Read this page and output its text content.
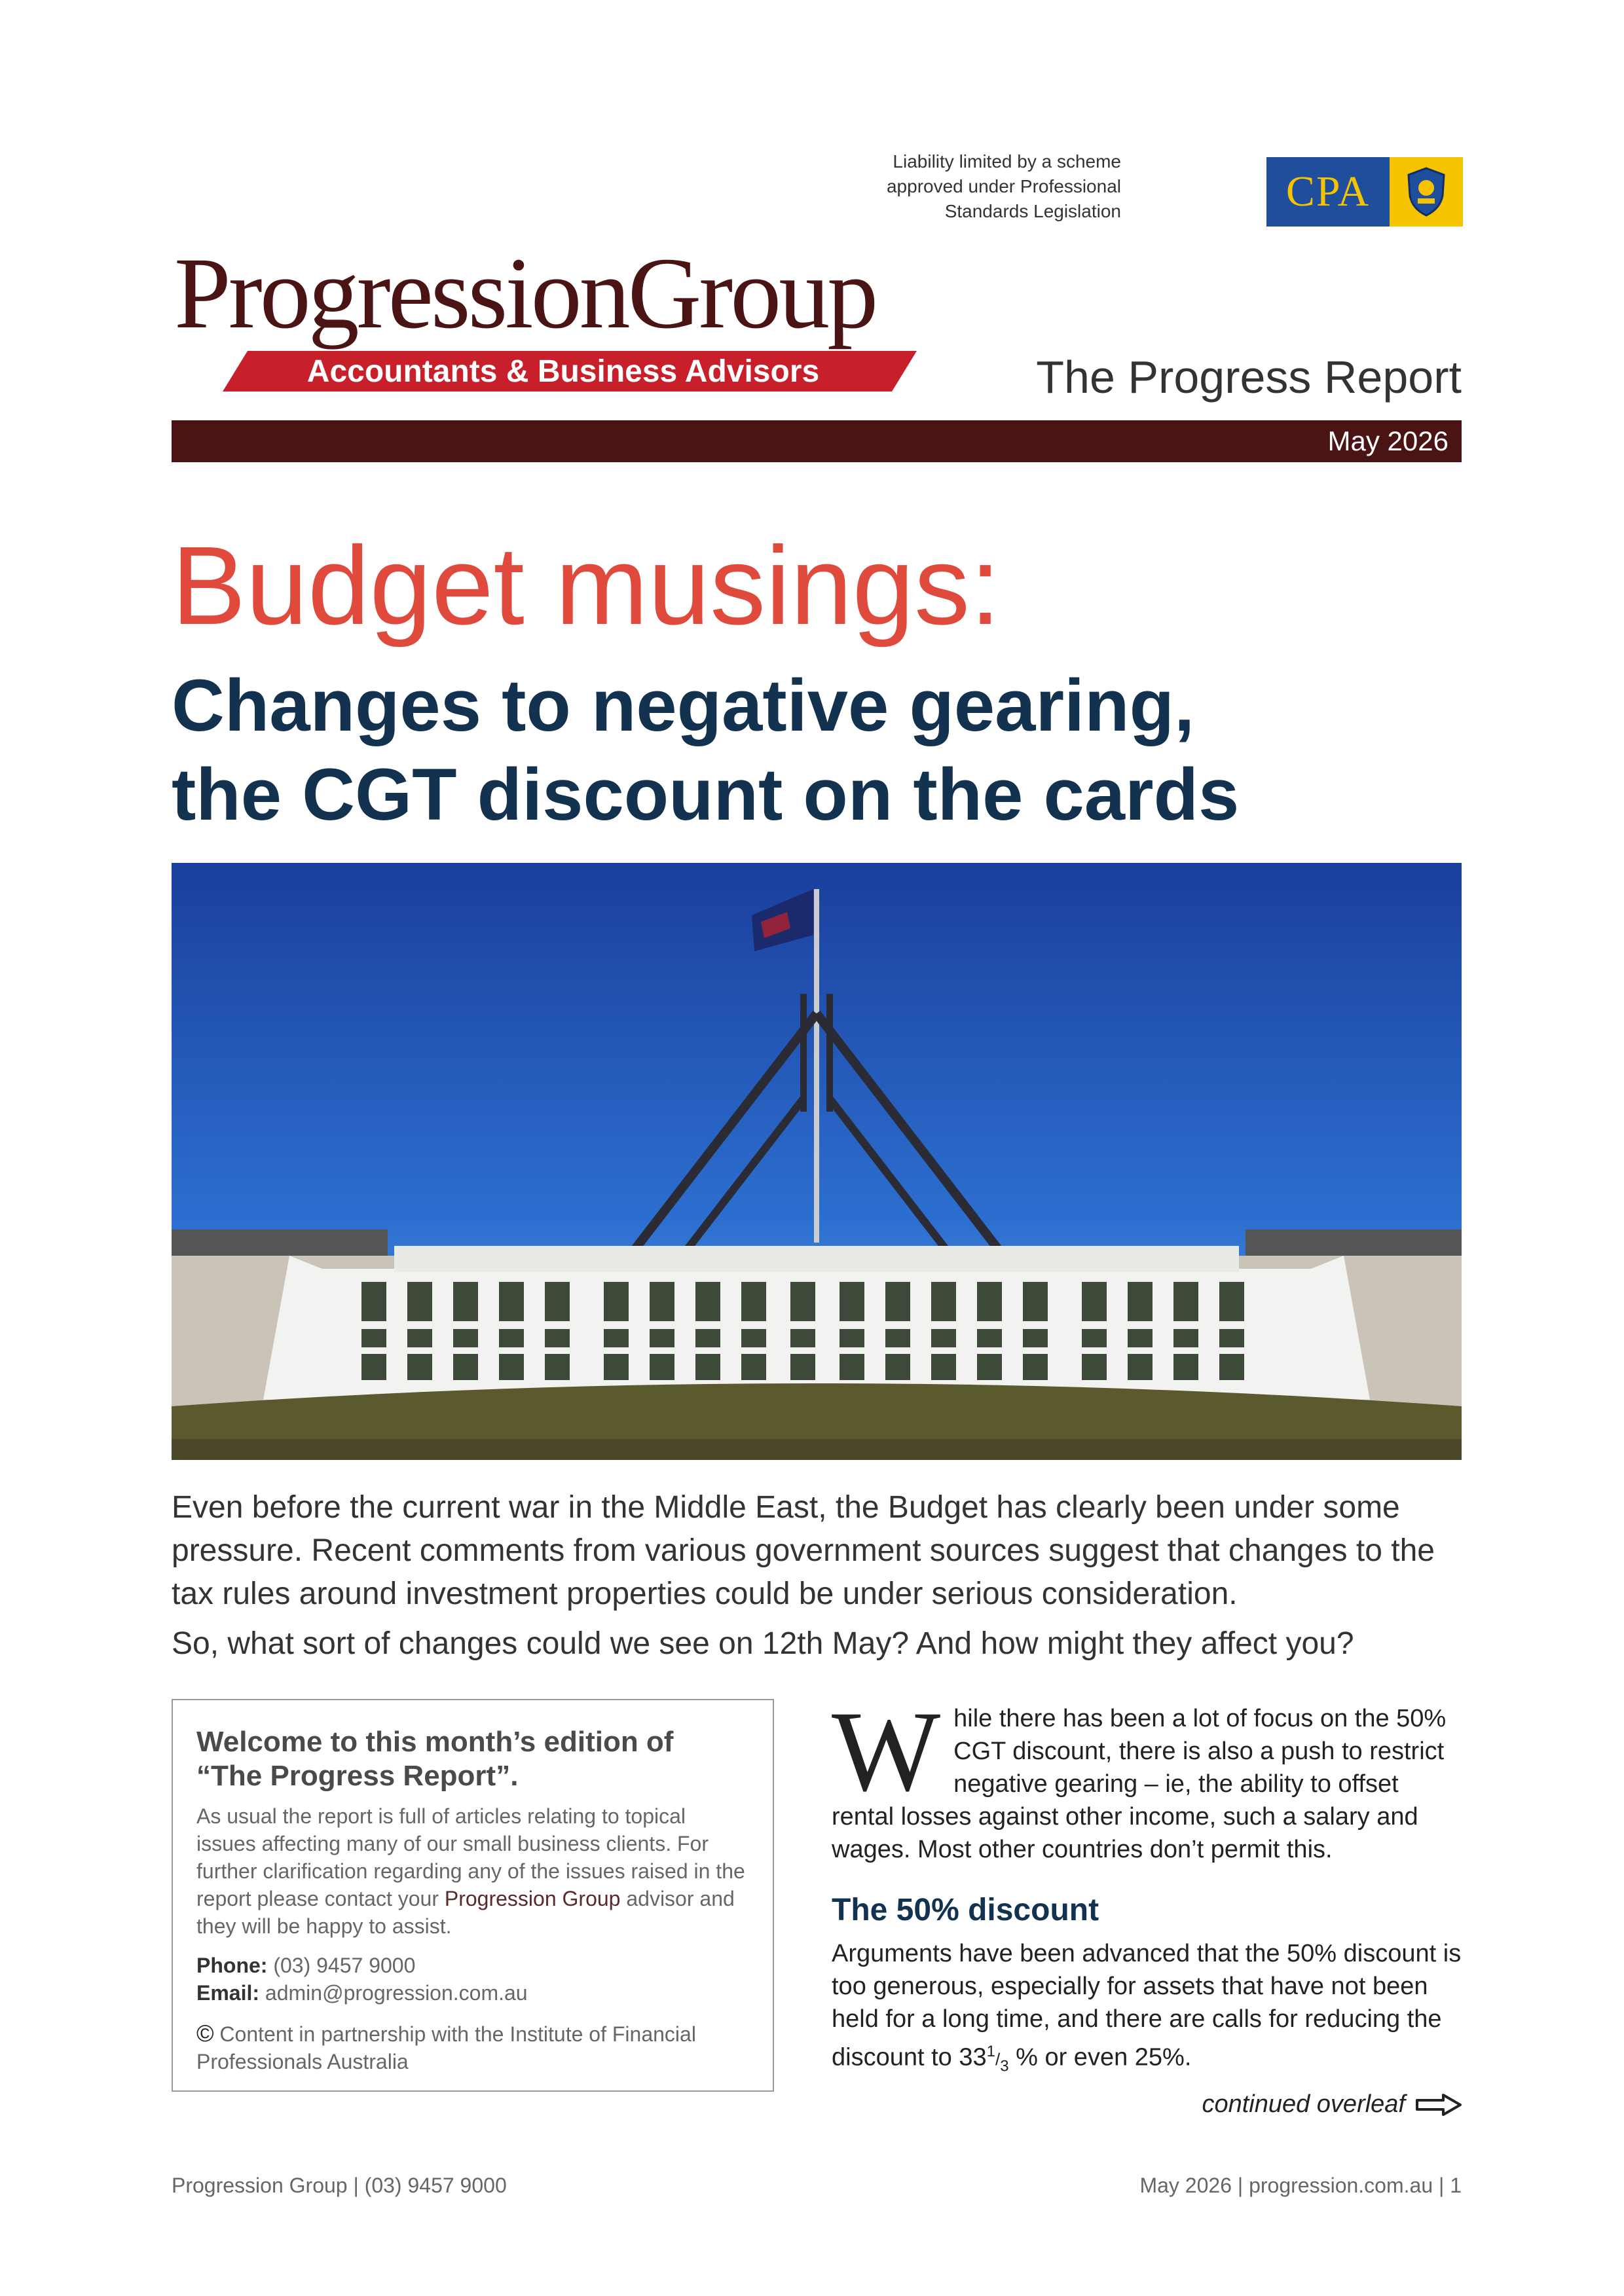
Liability limited by a scheme
approved under Professional
Standards Legislation	CPA
ProgressionGroup
Accountants & Business Advisors	The Progress Report
May 2026
Budget musings:
Changes to negative gearing,
the CGT discount on the cards

Even before the current war in the Middle East, the Budget has clearly been under some pressure. Recent comments from various government sources suggest that changes to the tax rules around investment properties could be under serious consideration.

So, what sort of changes could we see on 12th May? And how might they affect you?

Welcome to this month’s edition of
“The Progress Report”.
As usual the report is full of articles relating to topical issues affecting many of our small business clients. For further clarification regarding any of the issues raised in the report please contact your Progression Group advisor and they will be happy to assist.
Phone: (03) 9457 9000
Email: admin@progression.com.au
© Content in partnership with the Institute of Financial Professionals Australia

While there has been a lot of focus on the 50% CGT discount, there is also a push to restrict negative gearing – ie, the ability to offset rental losses against other income, such a salary and wages. Most other countries don’t permit this.

The 50% discount

Arguments have been advanced that the 50% discount is too generous, especially for assets that have not been held for a long time, and there are calls for reducing the discount to $33^1/_3$ % or even 25%.

continued overleaf
Progression Group | (03) 9457 9000	May 2026 | progression.com.au | 1
